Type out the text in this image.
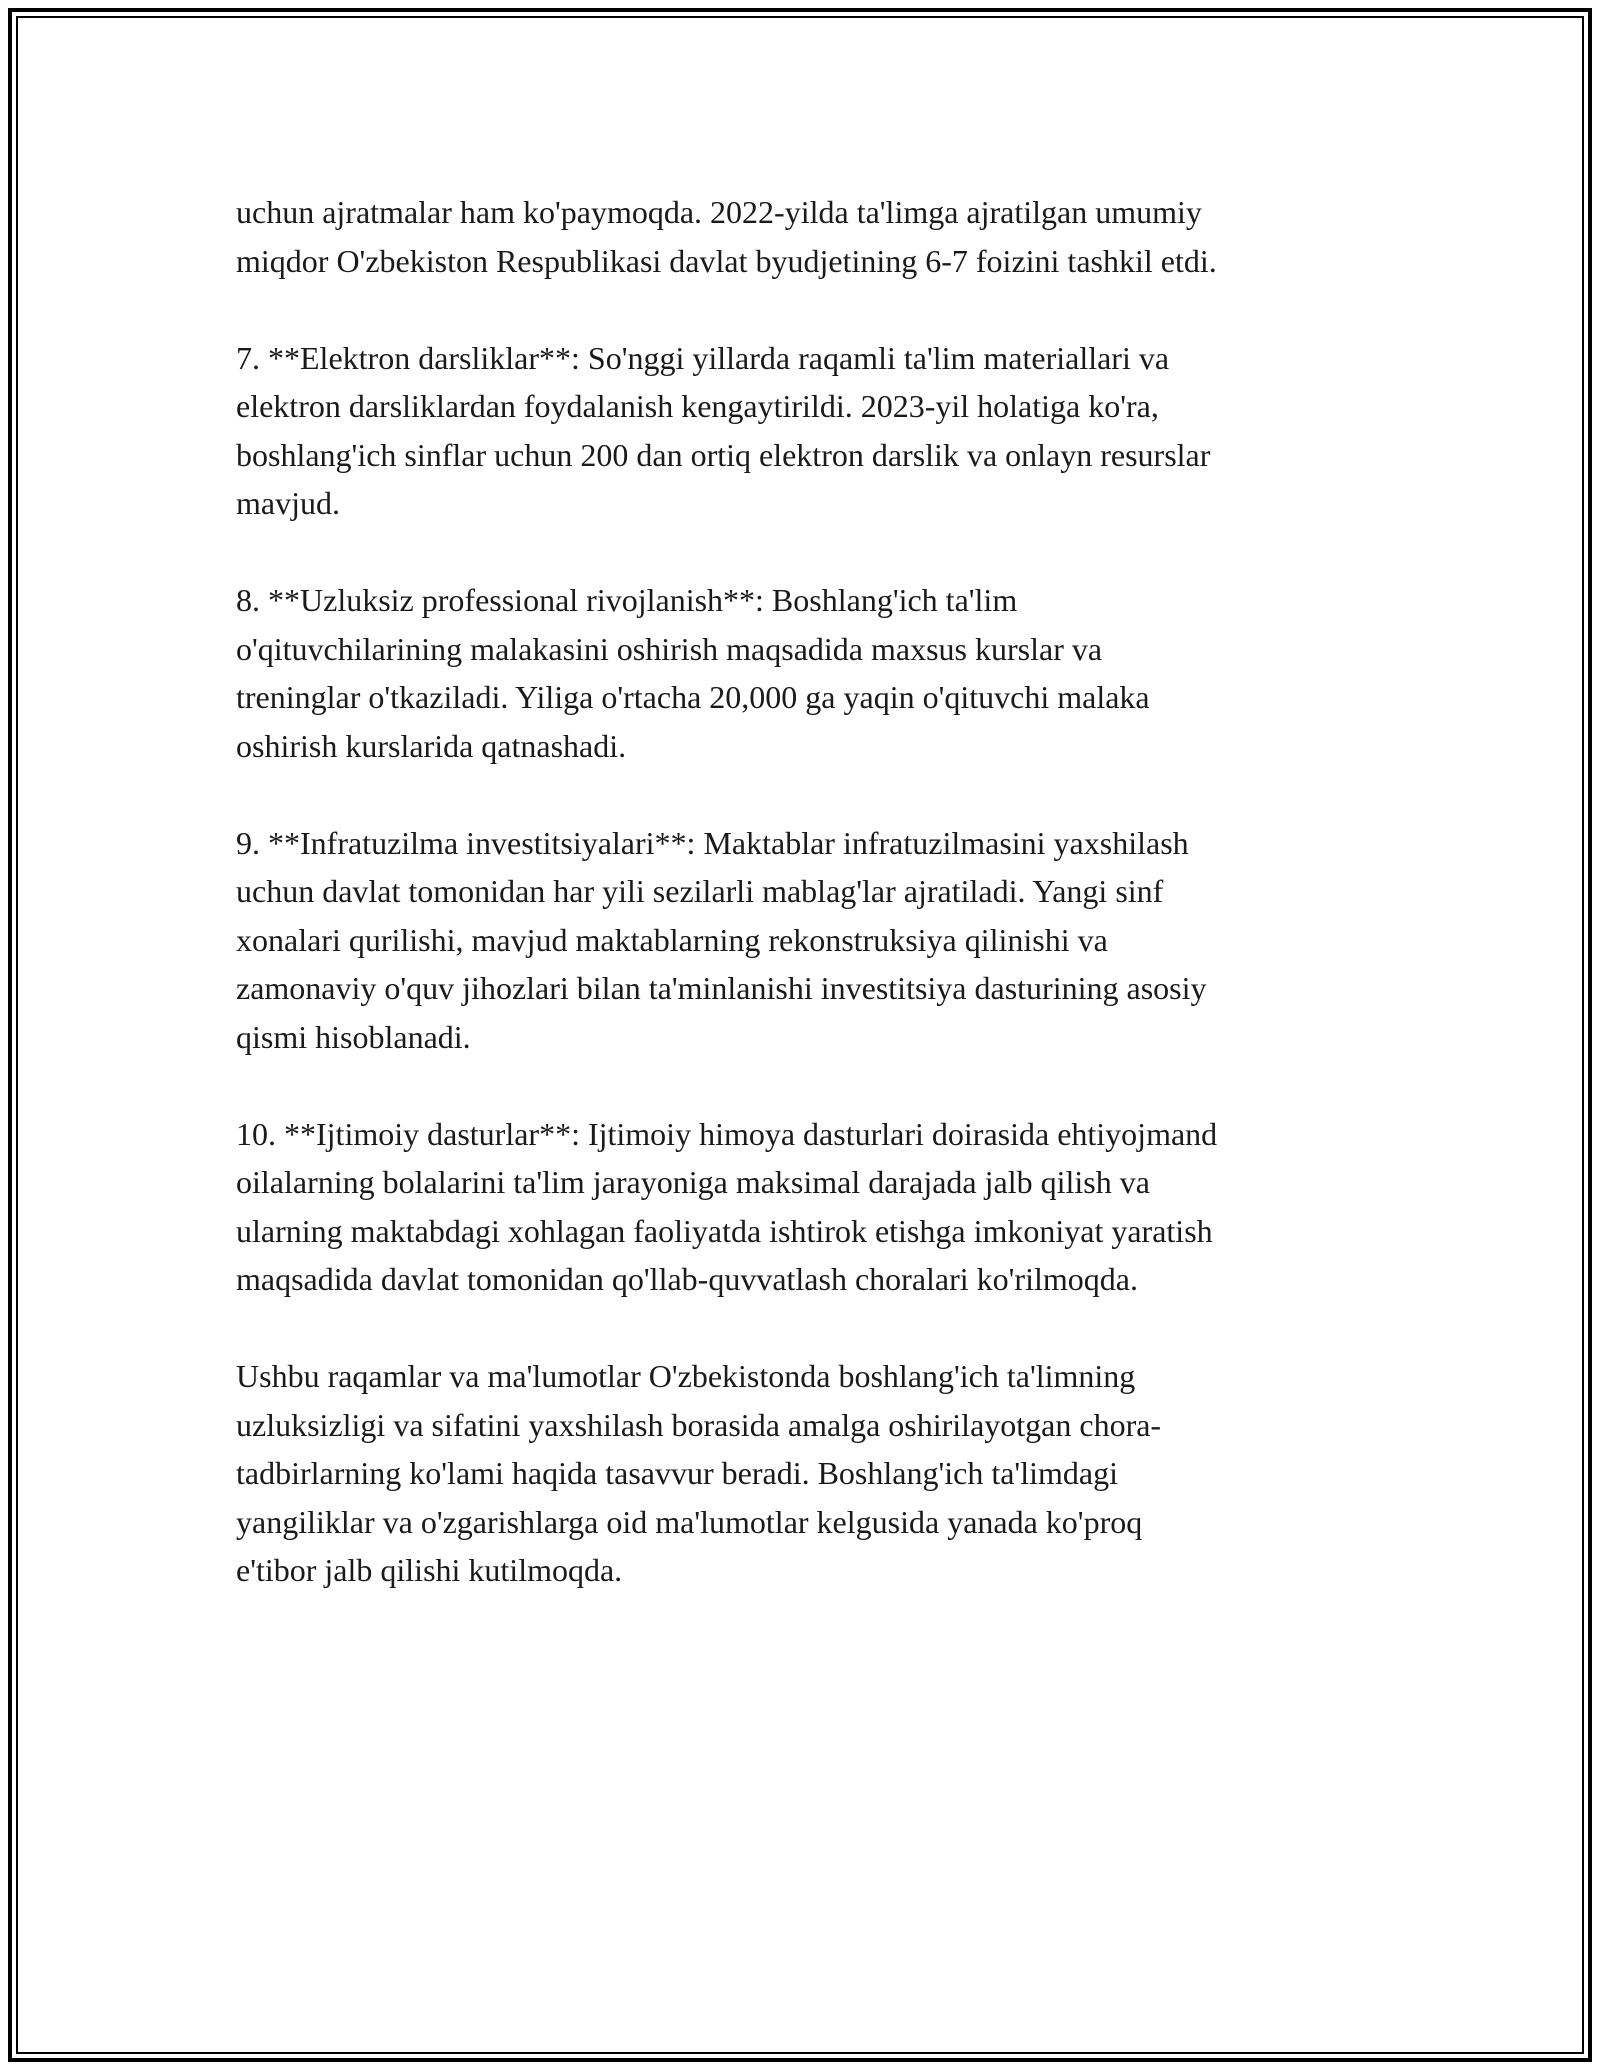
uchun ajratmalar ham ko'paymoqda. 2022-yilda ta'limga ajratilgan umumiy
miqdor O'zbekiston Respublikasi davlat byudjetining 6-7 foizini tashkil etdi.

7. **Elektron darsliklar**: So'nggi yillarda raqamli ta'lim materiallari va
elektron darsliklardan foydalanish kengaytirildi. 2023-yil holatiga ko'ra,
boshlang'ich sinflar uchun 200 dan ortiq elektron darslik va onlayn resurslar
mavjud.

8. **Uzluksiz professional rivojlanish**: Boshlang'ich ta'lim
o'qituvchilarining malakasini oshirish maqsadida maxsus kurslar va
treninglar o'tkaziladi. Yiliga o'rtacha 20,000 ga yaqin o'qituvchi malaka
oshirish kurslarida qatnashadi.

9. **Infratuzilma investitsiyalari**: Maktablar infratuzilmasini yaxshilash
uchun davlat tomonidan har yili sezilarli mablag'lar ajratiladi. Yangi sinf
xonalari qurilishi, mavjud maktablarning rekonstruksiya qilinishi va
zamonaviy o'quv jihozlari bilan ta'minlanishi investitsiya dasturining asosiy
qismi hisoblanadi.

10. **Ijtimoiy dasturlar**: Ijtimoiy himoya dasturlari doirasida ehtiyojmand
oilalarning bolalarini ta'lim jarayoniga maksimal darajada jalb qilish va
ularning maktabdagi xohlagan faoliyatda ishtirok etishga imkoniyat yaratish
maqsadida davlat tomonidan qo'llab-quvvatlash choralari ko'rilmoqda.

Ushbu raqamlar va ma'lumotlar O'zbekistonda boshlang'ich ta'limning
uzluksizligi va sifatini yaxshilash borasida amalga oshirilayotgan chora-
tadbirlarning ko'lami haqida tasavvur beradi. Boshlang'ich ta'limdagi
yangiliklar va o'zgarishlarga oid ma'lumotlar kelgusida yanada ko'proq
e'tibor jalb qilishi kutilmoqda.
